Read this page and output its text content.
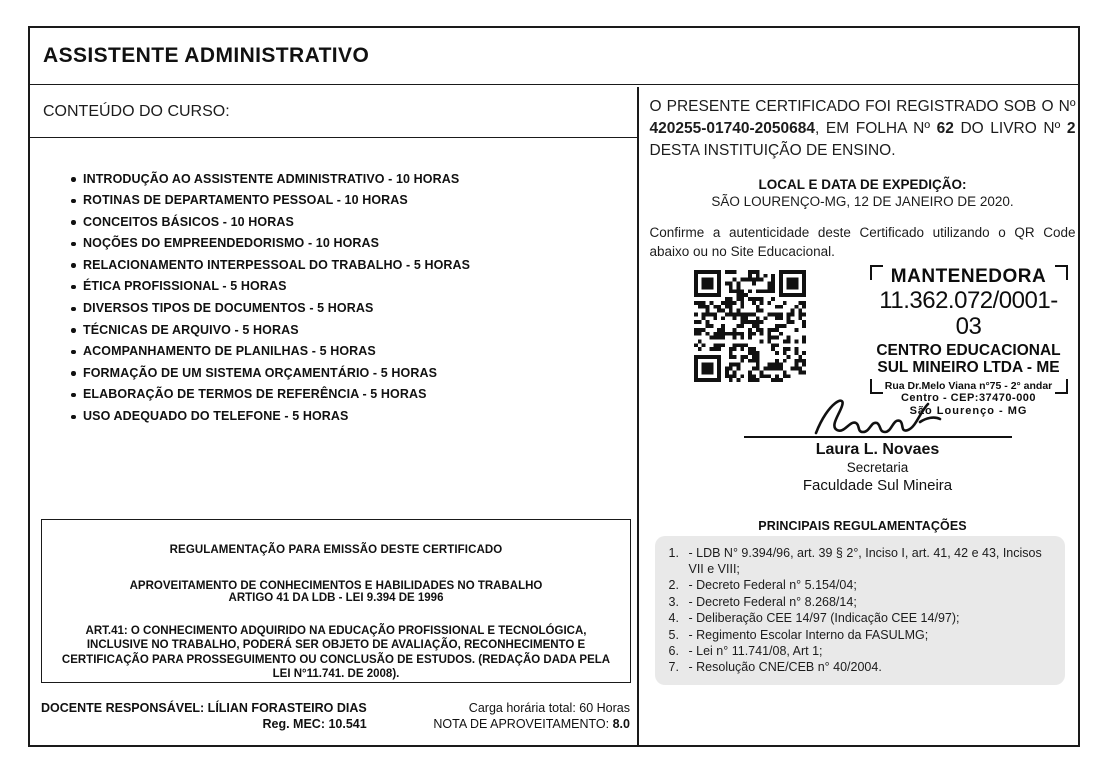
ASSISTENTE ADMINISTRATIVO
CONTEÚDO DO CURSO:
INTRODUÇÃO AO ASSISTENTE ADMINISTRATIVO - 10 HORAS
ROTINAS DE DEPARTAMENTO PESSOAL - 10 HORAS
CONCEITOS BÁSICOS - 10 HORAS
NOÇÕES DO EMPREENDEDORISMO - 10 HORAS
RELACIONAMENTO INTERPESSOAL DO TRABALHO - 5 HORAS
ÉTICA PROFISSIONAL - 5 HORAS
DIVERSOS TIPOS DE DOCUMENTOS - 5 HORAS
TÉCNICAS DE ARQUIVO - 5 HORAS
ACOMPANHAMENTO DE PLANILHAS - 5 HORAS
FORMAÇÃO DE UM SISTEMA ORÇAMENTÁRIO - 5 HORAS
ELABORAÇÃO DE TERMOS DE REFERÊNCIA - 5 HORAS
USO ADEQUADO DO TELEFONE - 5 HORAS
REGULAMENTAÇÃO PARA EMISSÃO DESTE CERTIFICADO
APROVEITAMENTO DE CONHECIMENTOS E HABILIDADES NO TRABALHO
ARTIGO 41 DA LDB - LEI 9.394 DE 1996
ART.41: O CONHECIMENTO ADQUIRIDO NA EDUCAÇÃO PROFISSIONAL E TECNOLÓGICA, INCLUSIVE NO TRABALHO, PODERÁ SER OBJETO DE AVALIAÇÃO, RECONHECIMENTO E CERTIFICAÇÃO PARA PROSSEGUIMENTO OU CONCLUSÃO DE ESTUDOS. (REDAÇÃO DADA PELA LEI N°11.741. DE 2008).
DOCENTE RESPONSÁVEL: LÍLIAN FORASTEIRO DIAS
Reg. MEC: 10.541
Carga horária total: 60 Horas
NOTA DE APROVEITAMENTO: 8.0

O PRESENTE CERTIFICADO FOI REGISTRADO SOB O Nº 420255-01740-2050684, EM FOLHA Nº 62 DO LIVRO Nº 2 DESTA INSTITUIÇÃO DE ENSINO.

LOCAL E DATA DE EXPEDIÇÃO:
SÃO LOURENÇO-MG, 12 DE JANEIRO DE 2020.

Confirme a autenticidade deste Certificado utilizando o QR Code abaixo ou no Site Educacional.

MANTENEDORA
11.362.072/0001-03
CENTRO EDUCACIONAL
SUL MINEIRO LTDA - ME
Rua Dr.Melo Viana n°75 - 2° andar
Centro - CEP:37470-000
São Lourenço - MG
Laura L. Novaes
Secretaria
Faculdade Sul Mineira
PRINCIPAIS REGULAMENTAÇÕES
1. - LDB N° 9.394/96, art. 39 § 2°, Inciso I, art. 41, 42 e 43, Incisos VII e VIII;
2. - Decreto Federal n° 5.154/04;
3. - Decreto Federal n° 8.268/14;
4. - Deliberação CEE 14/97 (Indicação CEE 14/97);
5. - Regimento Escolar Interno da FASULMG;
6. - Lei n° 11.741/08, Art 1;
7. - Resolução CNE/CEB n° 40/2004.
